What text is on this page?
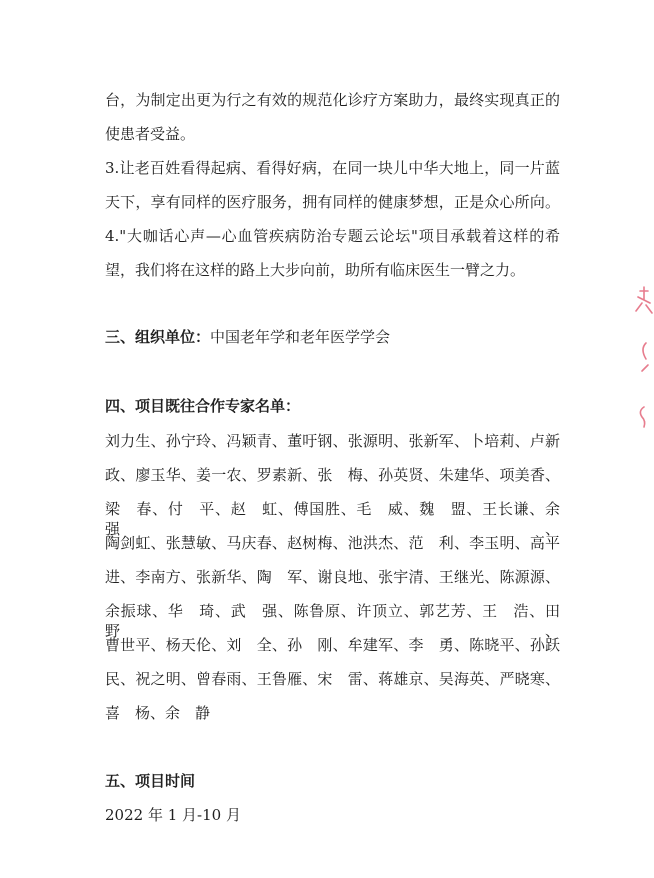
台，为制定出更为行之有效的规范化诊疗方案助力，最终实现真正的
使患者受益。
3.让老百姓看得起病、看得好病，在同一块儿中华大地上，同一片蓝
天下，享有同样的医疗服务，拥有同样的健康梦想，正是众心所向。
4."大咖话心声—心血管疾病防治专题云论坛"项目承载着这样的希
望，我们将在这样的路上大步向前，助所有临床医生一臂之力。
三、组织单位：中国老年学和老年医学学会
四、项目既往合作专家名单：
刘力生、孙宁玲、冯颖青、董吁钢、张源明、张新军、卜培莉、卢新
政、廖玉华、姜一农、罗素新、张　梅、孙英贤、朱建华、项美香、
梁　春、付　平、赵　虹、傅国胜、毛　威、魏　盟、王长谦、余　强、
陶剑虹、张慧敏、马庆春、赵树梅、池洪杰、范　利、李玉明、高平
进、李南方、张新华、陶　军、谢良地、张宇清、王继光、陈源源、
余振球、华　琦、武　强、陈鲁原、许顶立、郭艺芳、王　浩、田　野、
曹世平、杨天伦、刘　全、孙　刚、牟建军、李　勇、陈晓平、孙跃
民、祝之明、曾春雨、王鲁雁、宋　雷、蒋雄京、吴海英、严晓寒、
喜　杨、余　静
五、项目时间
2022 年 1 月-10 月
